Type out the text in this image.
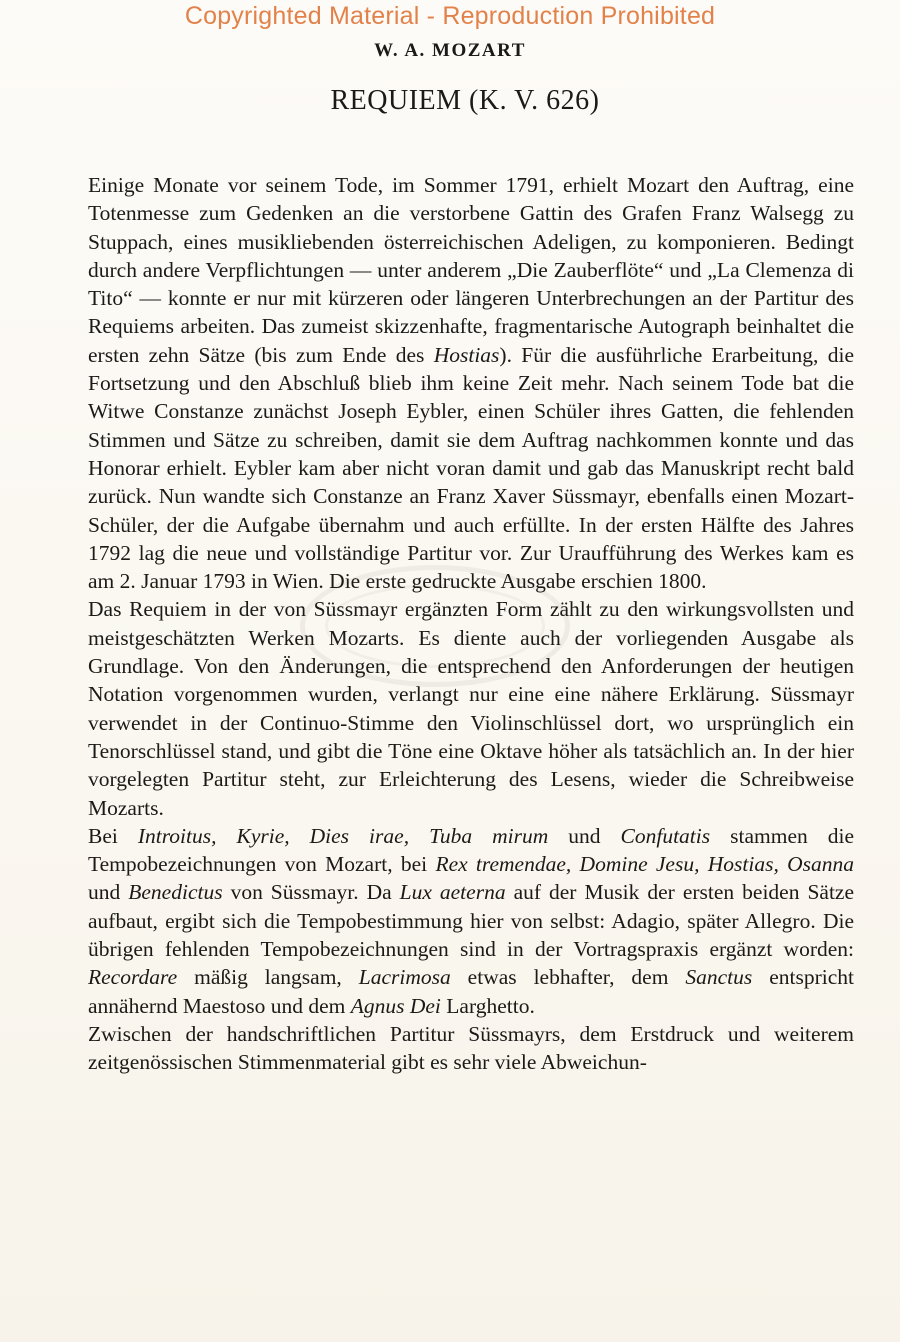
Copyrighted Material - Reproduction Prohibited
W. A. MOZART
REQUIEM (K. V. 626)

Einige Monate vor seinem Tode, im Sommer 1791, erhielt Mozart den Auftrag, eine Totenmesse zum Gedenken an die verstorbene Gattin des Grafen Franz Walsegg zu Stuppach, eines musikliebenden österreichischen Adeligen, zu komponieren. Bedingt durch andere Verpflichtungen — unter anderem „Die Zauberflöte“ und „La Clemenza di Tito“ — konnte er nur mit kürzeren oder längeren Unterbrechungen an der Partitur des Requiems arbeiten. Das zumeist skizzenhafte, fragmentarische Autograph beinhaltet die ersten zehn Sätze (bis zum Ende des Hostias). Für die ausführliche Erarbeitung, die Fortsetzung und den Abschluß blieb ihm keine Zeit mehr. Nach seinem Tode bat die Witwe Constanze zunächst Joseph Eybler, einen Schüler ihres Gatten, die fehlenden Stimmen und Sätze zu schreiben, damit sie dem Auftrag nachkommen konnte und das Honorar erhielt. Eybler kam aber nicht voran damit und gab das Manuskript recht bald zurück. Nun wandte sich Constanze an Franz Xaver Süssmayr, ebenfalls einen Mozart-Schüler, der die Aufgabe übernahm und auch erfüllte. In der ersten Hälfte des Jahres 1792 lag die neue und vollständige Partitur vor. Zur Uraufführung des Werkes kam es am 2. Januar 1793 in Wien. Die erste gedruckte Ausgabe erschien 1800.

Das Requiem in der von Süssmayr ergänzten Form zählt zu den wirkungsvollsten und meistgeschätzten Werken Mozarts. Es diente auch der vorliegenden Ausgabe als Grundlage. Von den Änderungen, die entsprechend den Anforderungen der heutigen Notation vorgenommen wurden, verlangt nur eine eine nähere Erklärung. Süssmayr verwendet in der Continuo-Stimme den Violinschlüssel dort, wo ursprünglich ein Tenorschlüssel stand, und gibt die Töne eine Oktave höher als tatsächlich an. In der hier vorgelegten Partitur steht, zur Erleichterung des Lesens, wieder die Schreibweise Mozarts.

Bei Introitus, Kyrie, Dies irae, Tuba mirum und Confutatis stammen die Tempobezeichnungen von Mozart, bei Rex tremendae, Domine Jesu, Hostias, Osanna und Benedictus von Süssmayr. Da Lux aeterna auf der Musik der ersten beiden Sätze aufbaut, ergibt sich die Tempobestimmung hier von selbst: Adagio, später Allegro. Die übrigen fehlenden Tempobezeichnungen sind in der Vortragspraxis ergänzt worden: Recordare mäßig langsam, Lacrimosa etwas lebhafter, dem Sanctus entspricht annähernd Maestoso und dem Agnus Dei Larghetto.

Zwischen der handschriftlichen Partitur Süssmayrs, dem Erstdruck und weiterem zeitgenössischen Stimmenmaterial gibt es sehr viele Abweichun-
